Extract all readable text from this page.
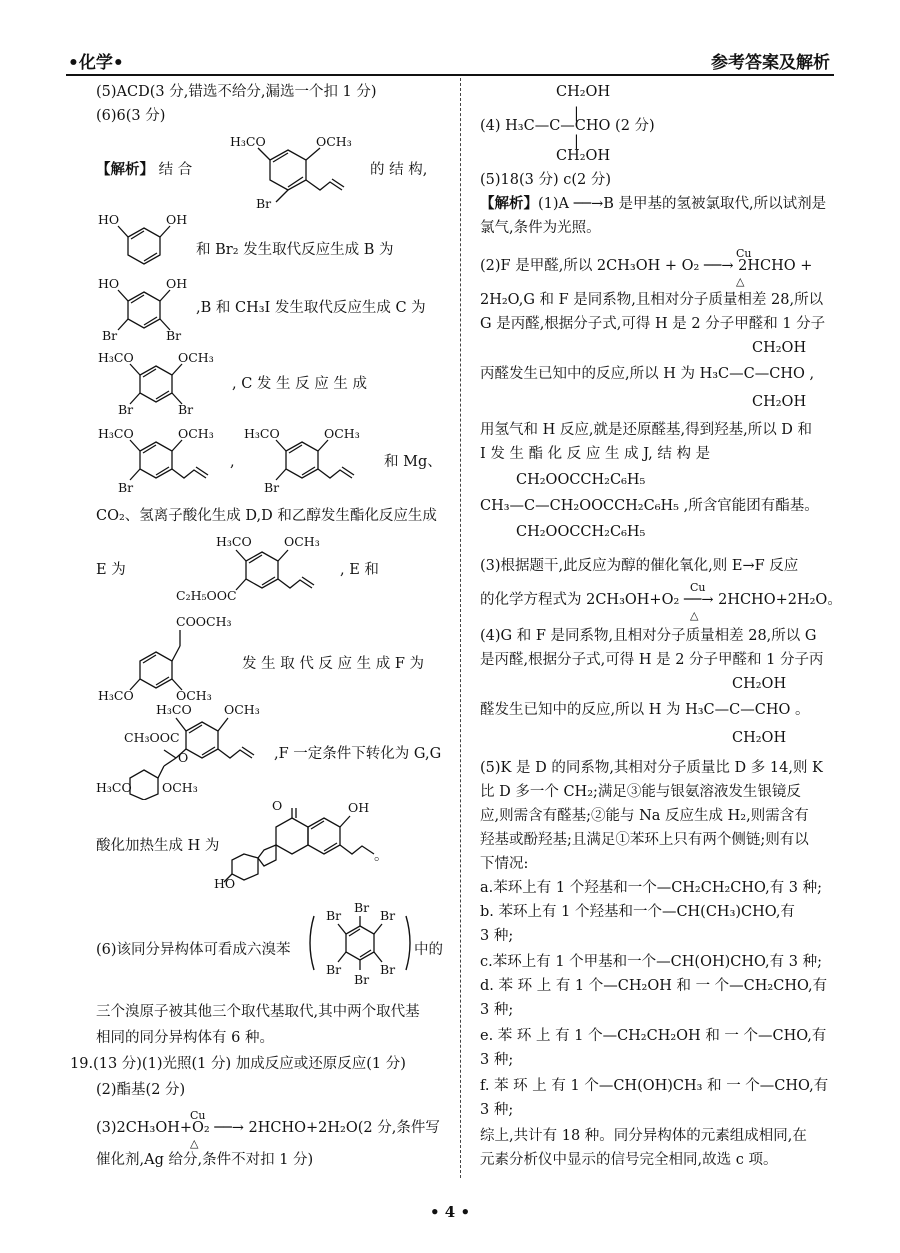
•化学•	参考答案及解析
(5)ACD(3 分,错选不给分,漏选一个扣 1 分)
(6)6(3 分)
【解析】 结 合	的 结 构,
H₃CO	OCH₃
Br
HO	OH
和 Br₂ 发生取代反应生成 B 为
HO	OH
Br	Br
,B 和 CH₃I 发生取代反应生成 C 为
H₃CO	OCH₃
Br	Br
, C 发 生 反 应 生 成
H₃CO	OCH₃
Br
,
H₃CO	OCH₃
Br
和 Mg、
CO₂、氢离子酸化生成 D,D 和乙醇发生酯化反应生成
E 为
H₃CO	OCH₃
C₂H₅OOC
, E 和
COOCH₃
H₃CO	OCH₃
发 生 取 代 反 应 生 成 F 为
H₃CO	OCH₃
CH₃OOC
O
H₃CO OCH₃
,F 一定条件下转化为 G,G
酸化加热生成 H 为
OH
O
HO
。
(6)该同分异构体可看成六溴苯
Br
Br
Br
Br
Br
Br
中的
三个溴原子被其他三个取代基取代,其中两个取代基
相同的同分异构体有 6 种。
19.(13 分)(1)光照(1 分) 加成反应或还原反应(1 分)
(2)酯基(2 分)
Cu
(3)2CH₃OH+O₂ ──→ 2HCHO+2H₂O(2 分,条件写
△
催化剂,Ag 给分,条件不对扣 1 分)
CH₂OH
|
(4) H₃C—C—CHO (2 分)
|
CH₂OH
(5)18(3 分) c(2 分)
【解析】(1)A ──→B 是甲基的氢被氯取代,所以试剂是
氯气,条件为光照。
Cu
(2)F 是甲醛,所以 2CH₃OH + O₂ ──→ 2HCHO +
△
2H₂O,G 和 F 是同系物,且相对分子质量相差 28,所以
G 是丙醛,根据分子式,可得 H 是 2 分子甲醛和 1 分子
CH₂OH
丙醛发生已知中的反应,所以 H 为 H₃C—C—CHO ,
CH₂OH
用氢气和 H 反应,就是还原醛基,得到羟基,所以 D 和
I 发 生 酯 化 反 应 生 成 J, 结 构 是
CH₂OOCCH₂C₆H₅
CH₃—C—CH₂OOCCH₂C₆H₅ ,所含官能团有酯基。
CH₂OOCCH₂C₆H₅
(3)根据题干,此反应为醇的催化氧化,则 E→F 反应
Cu
的化学方程式为 2CH₃OH+O₂ ──→ 2HCHO+2H₂O。
△
(4)G 和 F 是同系物,且相对分子质量相差 28,所以 G
是丙醛,根据分子式,可得 H 是 2 分子甲醛和 1 分子丙
CH₂OH
醛发生已知中的反应,所以 H 为 H₃C—C—CHO 。
CH₂OH
(5)K 是 D 的同系物,其相对分子质量比 D 多 14,则 K
比 D 多一个 CH₂;满足③能与银氨溶液发生银镜反
应,则需含有醛基;②能与 Na 反应生成 H₂,则需含有
羟基或酚羟基;且满足①苯环上只有两个侧链;则有以
下情况:
a.苯环上有 1 个羟基和一个—CH₂CH₂CHO,有 3 种;
b. 苯环上有 1 个羟基和一个—CH(CH₃)CHO,有
3 种;
c.苯环上有 1 个甲基和一个—CH(OH)CHO,有 3 种;
d. 苯 环 上 有 1 个—CH₂OH 和 一 个—CH₂CHO,有
3 种;
e. 苯 环 上 有 1 个—CH₂CH₂OH 和 一 个—CHO,有
3 种;
f. 苯 环 上 有 1 个—CH(OH)CH₃ 和 一 个—CHO,有
3 种;
综上,共计有 18 种。同分异构体的元素组成相同,在
元素分析仪中显示的信号完全相同,故选 c 项。
• 4 •
